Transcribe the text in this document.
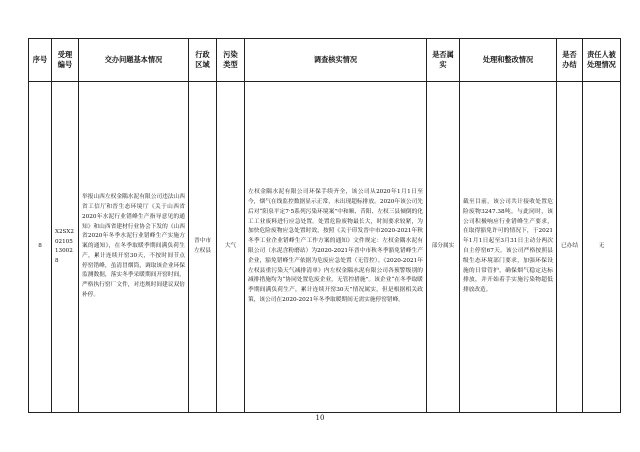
序号	受理编号	交办问题基本情况	行政区域	污染类型	调查核实情况	是否属实	处理和整改情况	是否办结	责任人被处理情况
8	X2SX202105130028	举报山西左权金隅水泥有限公司违法山西省工信厅和晋生态环境厅《关于山西省2020年水泥行业错峰生产指导意见的通知》和山西省建材行业协会下发的《山西省2020年冬季水泥行业错峰生产实施方案的通知》，在冬季取暖季期间满负荷生产，累计连续开窑30天，不按时间节点停窑错峰，虽清冒烟筒，调取该企业环保监测数据，落实冬季采暖期间开窑时间，严格执行窑厂文件，对违规时间建议双倍补停。	晋中市左权县	大气	左权金隅水泥有限公司环保手续齐全，该公司从2020年1月1日至今，烟气在线监控数据显示正常，未出现超标排放。2020年该公司先后对“阳泉平定7·5系列污染环境案”中和顺、昔阳、左权三县倾倒的化工工业废料进行应急处置。处置危险废物最长大，时间要求较紧，为加快危险废物应急处置时效，按照《关于印发晋中市2020-2021年秋冬季工业企业错峰生产工作方案的通知》文件规定：左权金隅水泥有限公司（水泥含粉磨站）为2020-2021年晋中市秋冬季豁免错峰生产企业，豁免错峰生产依据为危废应急处置（无管控）。《2020-2021年左权县重污染天气减排清单》内左权金隅水泥有限公司各预警级别的减排措施均为“协同处置危废企业，无管控措施”。该企业“在冬季取暖季期间满负荷生产，累计连续开窑30天”情况属实，但是根据相关政策，该公司在2020-2021年冬季取暖期间无需实施停窑错峰。	部分属实	截至目前，该公司共计接收处置危险废物3247.38吨。与此同时，该公司积极响应行业错峰生产要求，在取得豁免许可的情况下，于2021年1月1日起至3月31日主动分两次自主停窑67天。该公司严格按照县级生态环境部门要求，加强环保设施的日常管护，确保烟气稳定达标排放，并开始着手实施污染物超低排放改造。	已办结	无
10
